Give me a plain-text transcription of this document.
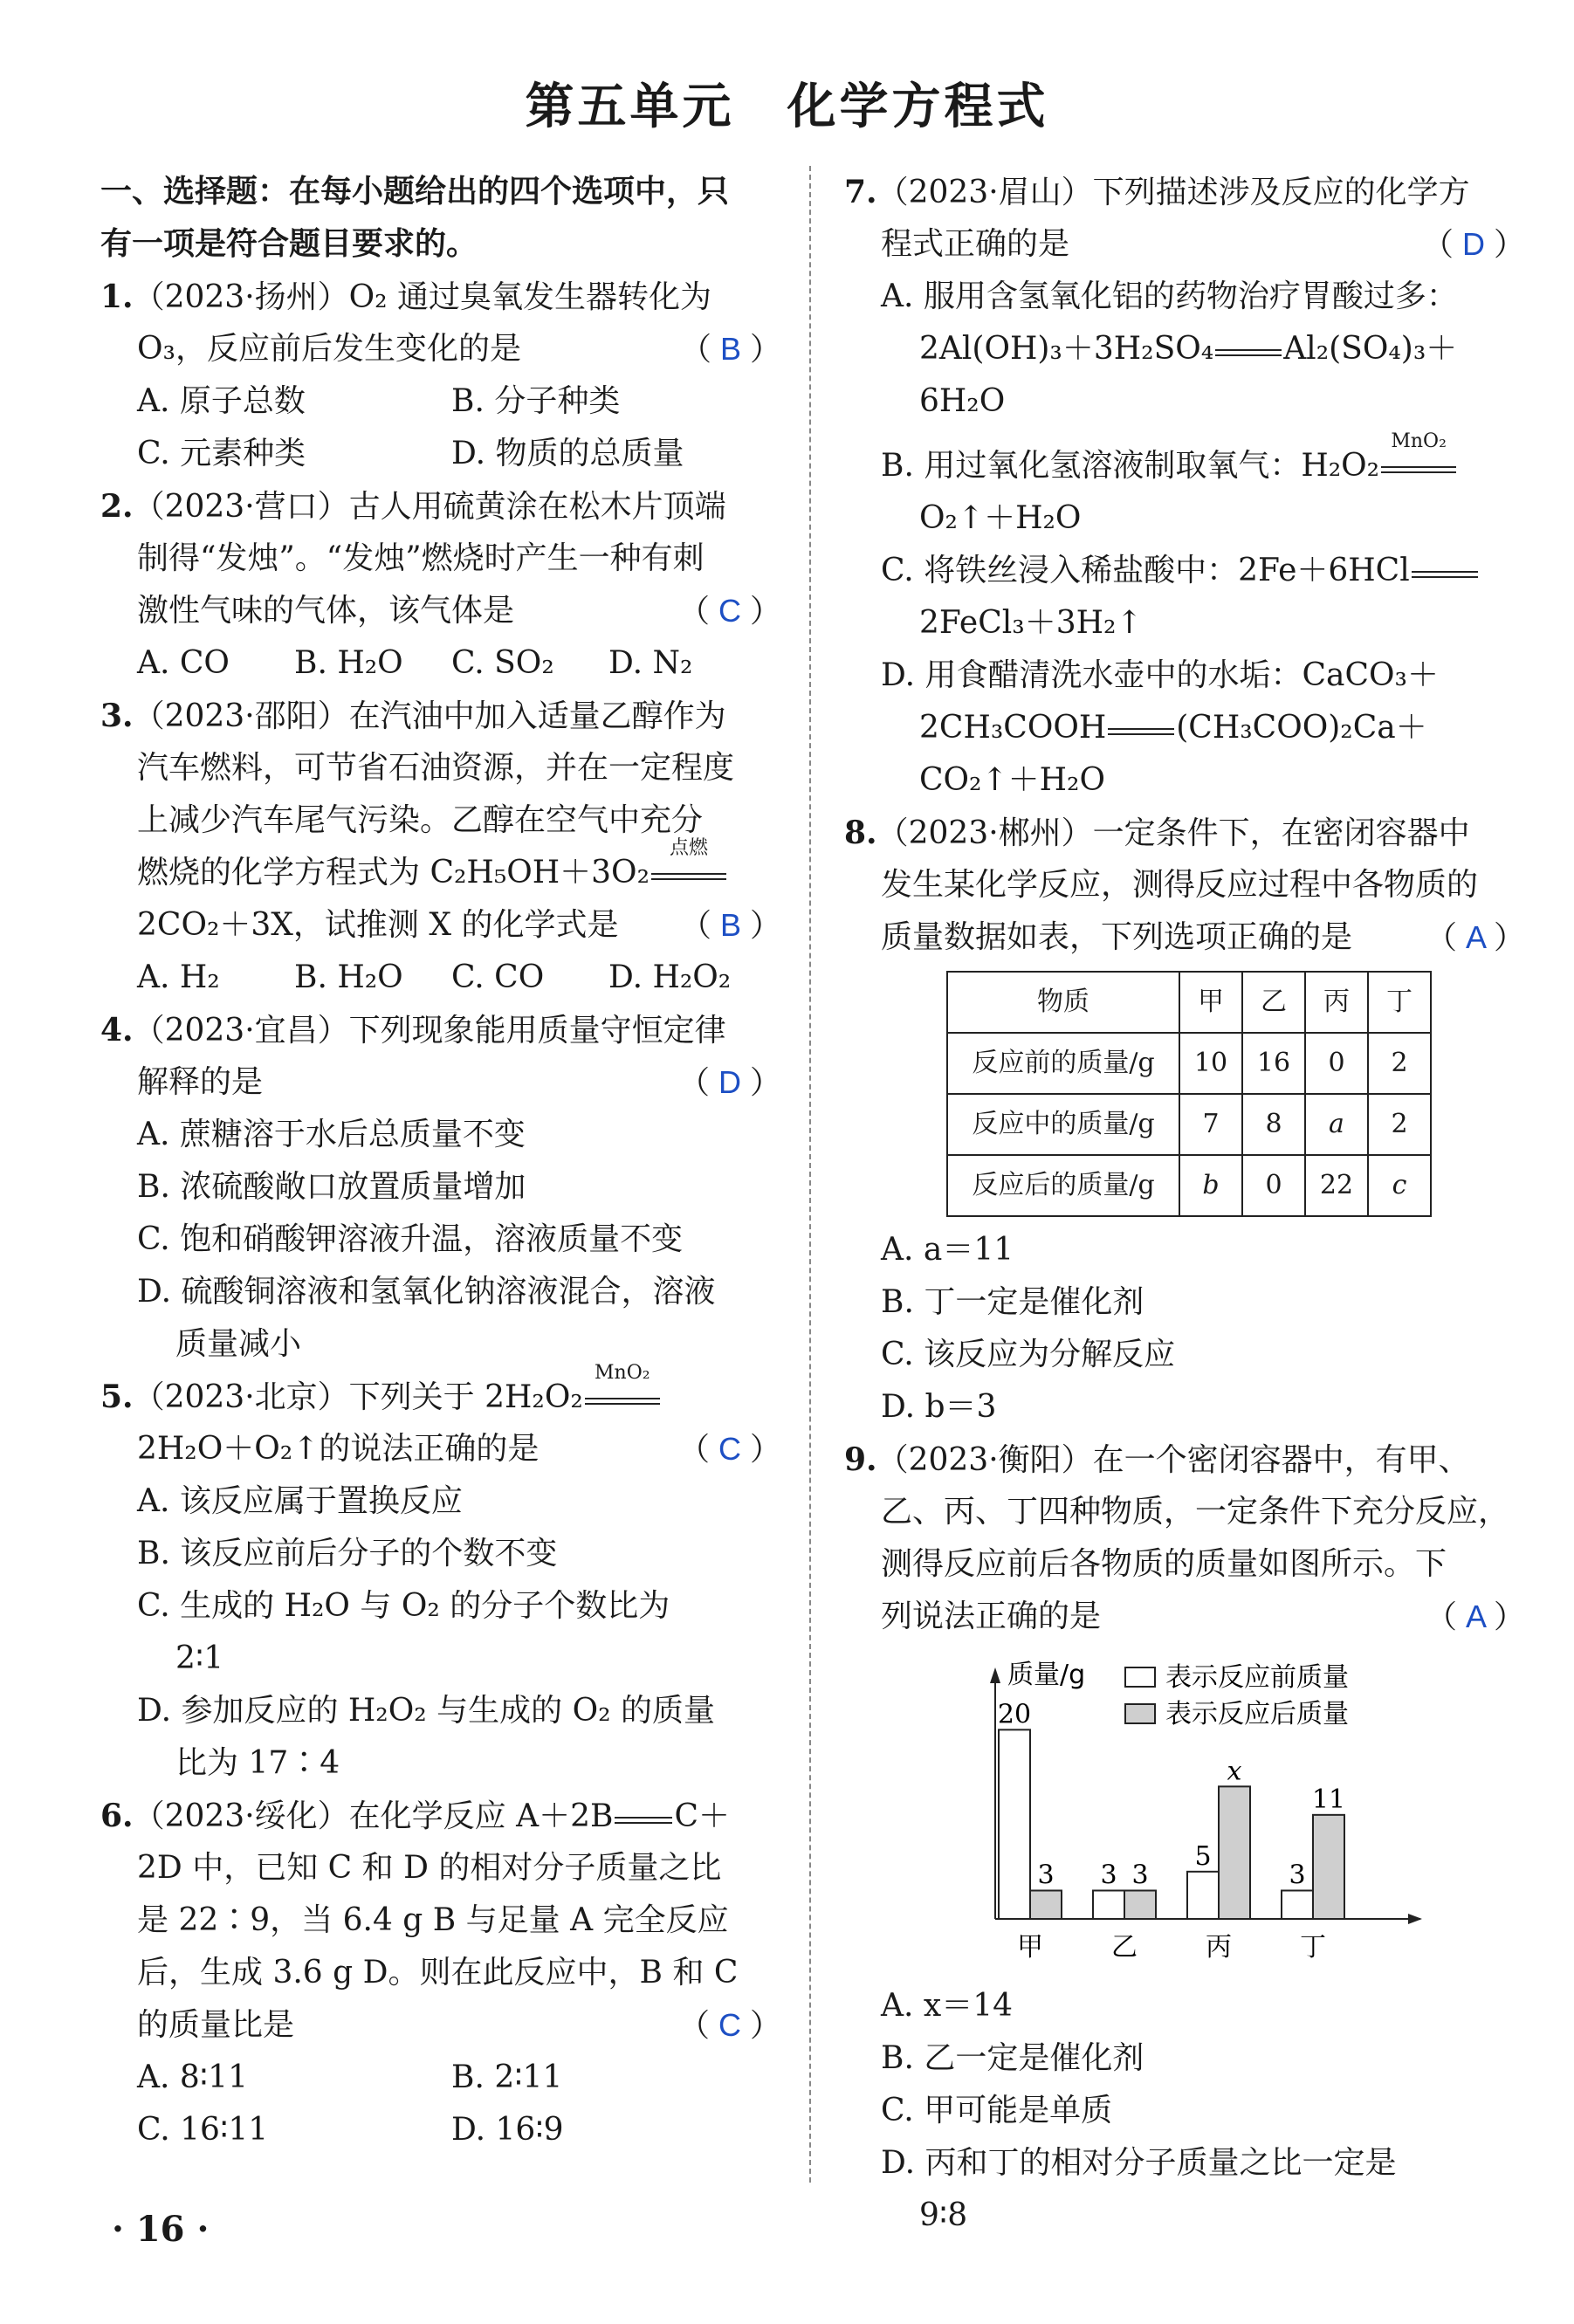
第五单元　化学方程式
一、选择题：在每小题给出的四个选项中，只
有一项是符合题目要求的。
1.（2023·扬州）O₂ 通过臭氧发生器转化为
O₃，反应前后发生变化的是	（ B ）
A. 原子总数	B. 分子种类
C. 元素种类	D. 物质的总质量
2.（2023·营口）古人用硫黄涂在松木片顶端
制得“发烛”。“发烛”燃烧时产生一种有刺
激性气味的气体，该气体是	（ C ）
A. CO B. H₂O C. SO₂ D. N₂
3.（2023·邵阳）在汽油中加入适量乙醇作为
汽车燃料，可节省石油资源，并在一定程度
上减少汽车尾气污染。乙醇在空气中充分
燃烧的化学方程式为 C₂H₅OH＋3O₂
点燃
2CO₂＋3X，试推测 X 的化学式是 （ B ）
A. H₂ B. H₂O C. CO D. H₂O₂
4.（2023·宜昌）下列现象能用质量守恒定律
解释的是	（ D ）
A. 蔗糖溶于水后总质量不变
B. 浓硫酸敞口放置质量增加
C. 饱和硝酸钾溶液升温，溶液质量不变
D. 硫酸铜溶液和氢氧化钠溶液混合，溶液
质量减小
5.（2023·北京）下列关于 2H₂O₂
MnO₂
2H₂O＋O₂↑的说法正确的是	（ C ）
A. 该反应属于置换反应
B. 该反应前后分子的个数不变
C. 生成的 H₂O 与 O₂ 的分子个数比为
2∶1
D. 参加反应的 H₂O₂ 与生成的 O₂ 的质量
比为 17∶4
6.（2023·绥化）在化学反应 A＋2B C＋
2D 中，已知 C 和 D 的相对分子质量之比
是 22∶9，当 6.4 g B 与足量 A 完全反应
后，生成 3.6 g D。则在此反应中，B 和 C
的质量比是	（ C ）
A. 8∶11	B. 2∶11
C. 16∶11	D. 16∶9
7.（2023·眉山）下列描述涉及反应的化学方
程式正确的是	（ D ）
A. 服用含氢氧化铝的药物治疗胃酸过多：
2Al(OH)₃＋3H₂SO₄ Al₂(SO₄)₃＋
6H₂O
B. 用过氧化氢溶液制取氧气：H₂O₂
MnO₂
O₂↑＋H₂O
C. 将铁丝浸入稀盐酸中：2Fe＋6HCl
2FeCl₃＋3H₂↑
D. 用食醋清洗水壶中的水垢：CaCO₃＋
2CH₃COOH (CH₃COO)₂Ca＋
CO₂↑＋H₂O
8.（2023·郴州）一定条件下，在密闭容器中
发生某化学反应，测得反应过程中各物质的
质量数据如表，下列选项正确的是 （ A ）
物质	甲	乙	丙	丁
反应前的质量/g	10	16	0	2
反应中的质量/g	7	8	a	2
反应后的质量/g	b	0	22	c
A. a＝11
B. 丁一定是催化剂
C. 该反应为分解反应
D. b＝3
9.（2023·衡阳）在一个密闭容器中，有甲、
乙、丙、丁四种物质，一定条件下充分反应，
测得反应前后各物质的质量如图所示。下
列说法正确的是	（ A ）
质量/g	表示反应前质量
表示反应后质量
20
3
甲
3 3
乙
5
x
丙
3
11
丁
A. x＝14
B. 乙一定是催化剂
C. 甲可能是单质
D. 丙和丁的相对分子质量之比一定是
9∶8
· 16 ·
